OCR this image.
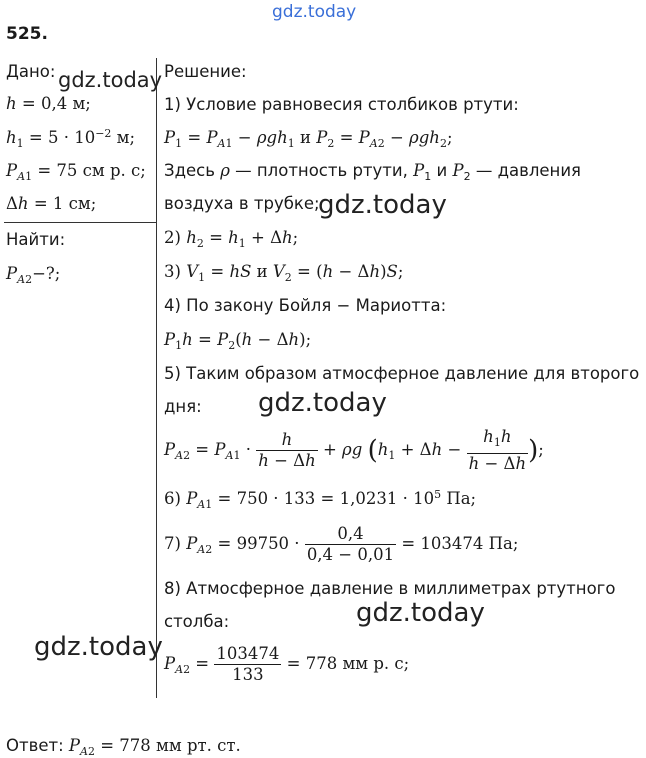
gdz.today
525.
Дано: gdz.today
h = 0,4 м;
$h_1 = 5 \cdot 10^{-2}$ м;
$P_{A1} = 75$ см р. с;
Δh = 1 см;
Найти:
$P_{A2}-$?;
Решение:
1) Условие равновесия столбиков ртути:
$P_1 = P_{A1} - \rho gh_1$ и $P_2 = P_{A2} - \rho gh_2$;
Здесь ρ — плотность ртути, $P_1$ и $P_2$ — давления
воздуха в трубке;
gdz.today
2) $h_2 = h_1 + \Delta h$;
3) $V_1$ = hS и $V_2 = (h - \Delta h)S$;
4) По закону Бойля − Мариотта:
$P_1h = P_2(h - \Delta h)$;
5) Таким образом атмосферное давление для второго
дня: gdz.today
$P_{A2} = P_{A1} \cdot \frac{h}{h - \Delta h} + \rho g$ ($h_1 + \Delta h - \frac{h_1h}{h - \Delta h}$ );
6) $P_{A1} = 750 \cdot 133 = 1,0231 \cdot 10^5$ Па;
7) $P_{A2} = 99750 \cdot \frac{0,4}{0,4 - 0,01} = 103474$ Па;
8) Атмосферное давление в миллиметрах ртутного
столба:	gdz.today
gdz.today
$P_{A2} = \frac{103474}{133} = 778$ мм р. с;
Ответ: $P_{A2} = 778$ мм рт. ст.
